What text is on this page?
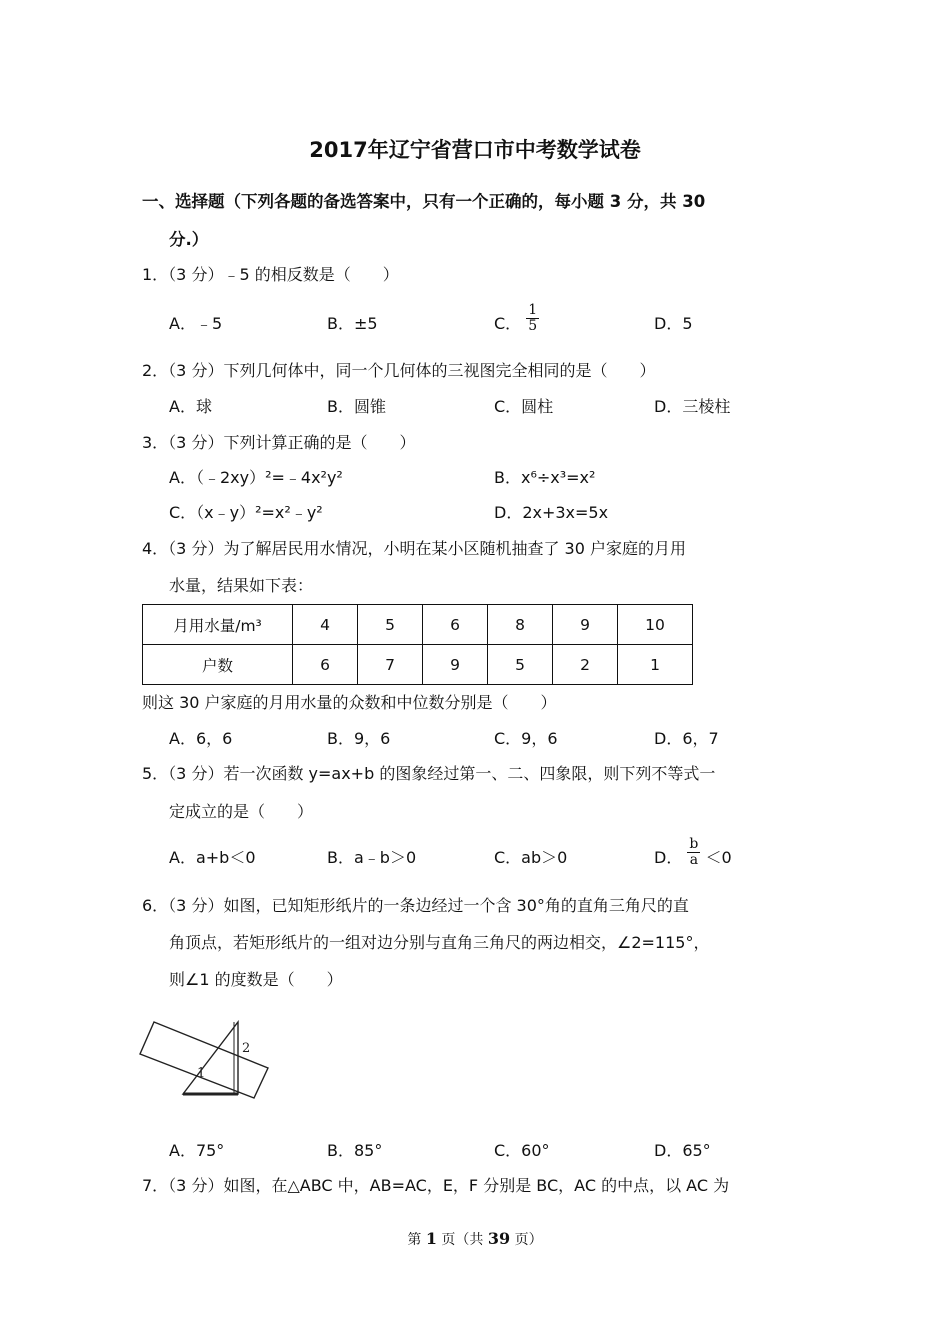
2017年辽宁省营口市中考数学试卷
一、选择题（下列各题的备选答案中，只有一个正确的，每小题 3 分，共 30
分.）
1．（3 分）﹣5 的相反数是（　　）
A．﹣5	B．±5	C． $\frac{1}{5}$	D．5
2．（3 分）下列几何体中，同一个几何体的三视图完全相同的是（　　）
A．球	B．圆锥	C．圆柱	D．三棱柱
3．（3 分）下列计算正确的是（　　）
A．（﹣2xy）²=﹣4x²y²	B．x⁶÷x³=x²
C．（x﹣y）²=x²﹣y²	D．2x+3x=5x
4．（3 分）为了解居民用水情况，小明在某小区随机抽查了 30 户家庭的月用
水量，结果如下表：
月用水量/m³	4	5	6	8	9	10
户数	6	7	9	5	2	1
则这 30 户家庭的月用水量的众数和中位数分别是（　　）
A．6，6	B．9，6	C．9，6	D．6，7
5．（3 分）若一次函数 y=ax+b 的图象经过第一、二、四象限，则下列不等式一
定成立的是（　　）
A．a+b＜0	B．a﹣b＞0	C．ab＞0	D． $\frac{b}{a} <0$
6．（3 分）如图，已知矩形纸片的一条边经过一个含 30°角的直角三角尺的直
角顶点，若矩形纸片的一组对边分别与直角三角尺的两边相交，∠2=115°，
则∠1 的度数是（　　）
1
2
A．75°	B．85°	C．60°	D．65°
7．（3 分）如图，在△ABC 中，AB=AC，E，F 分别是 BC，AC 的中点，以 AC 为
第 1 页（共 39 页）
